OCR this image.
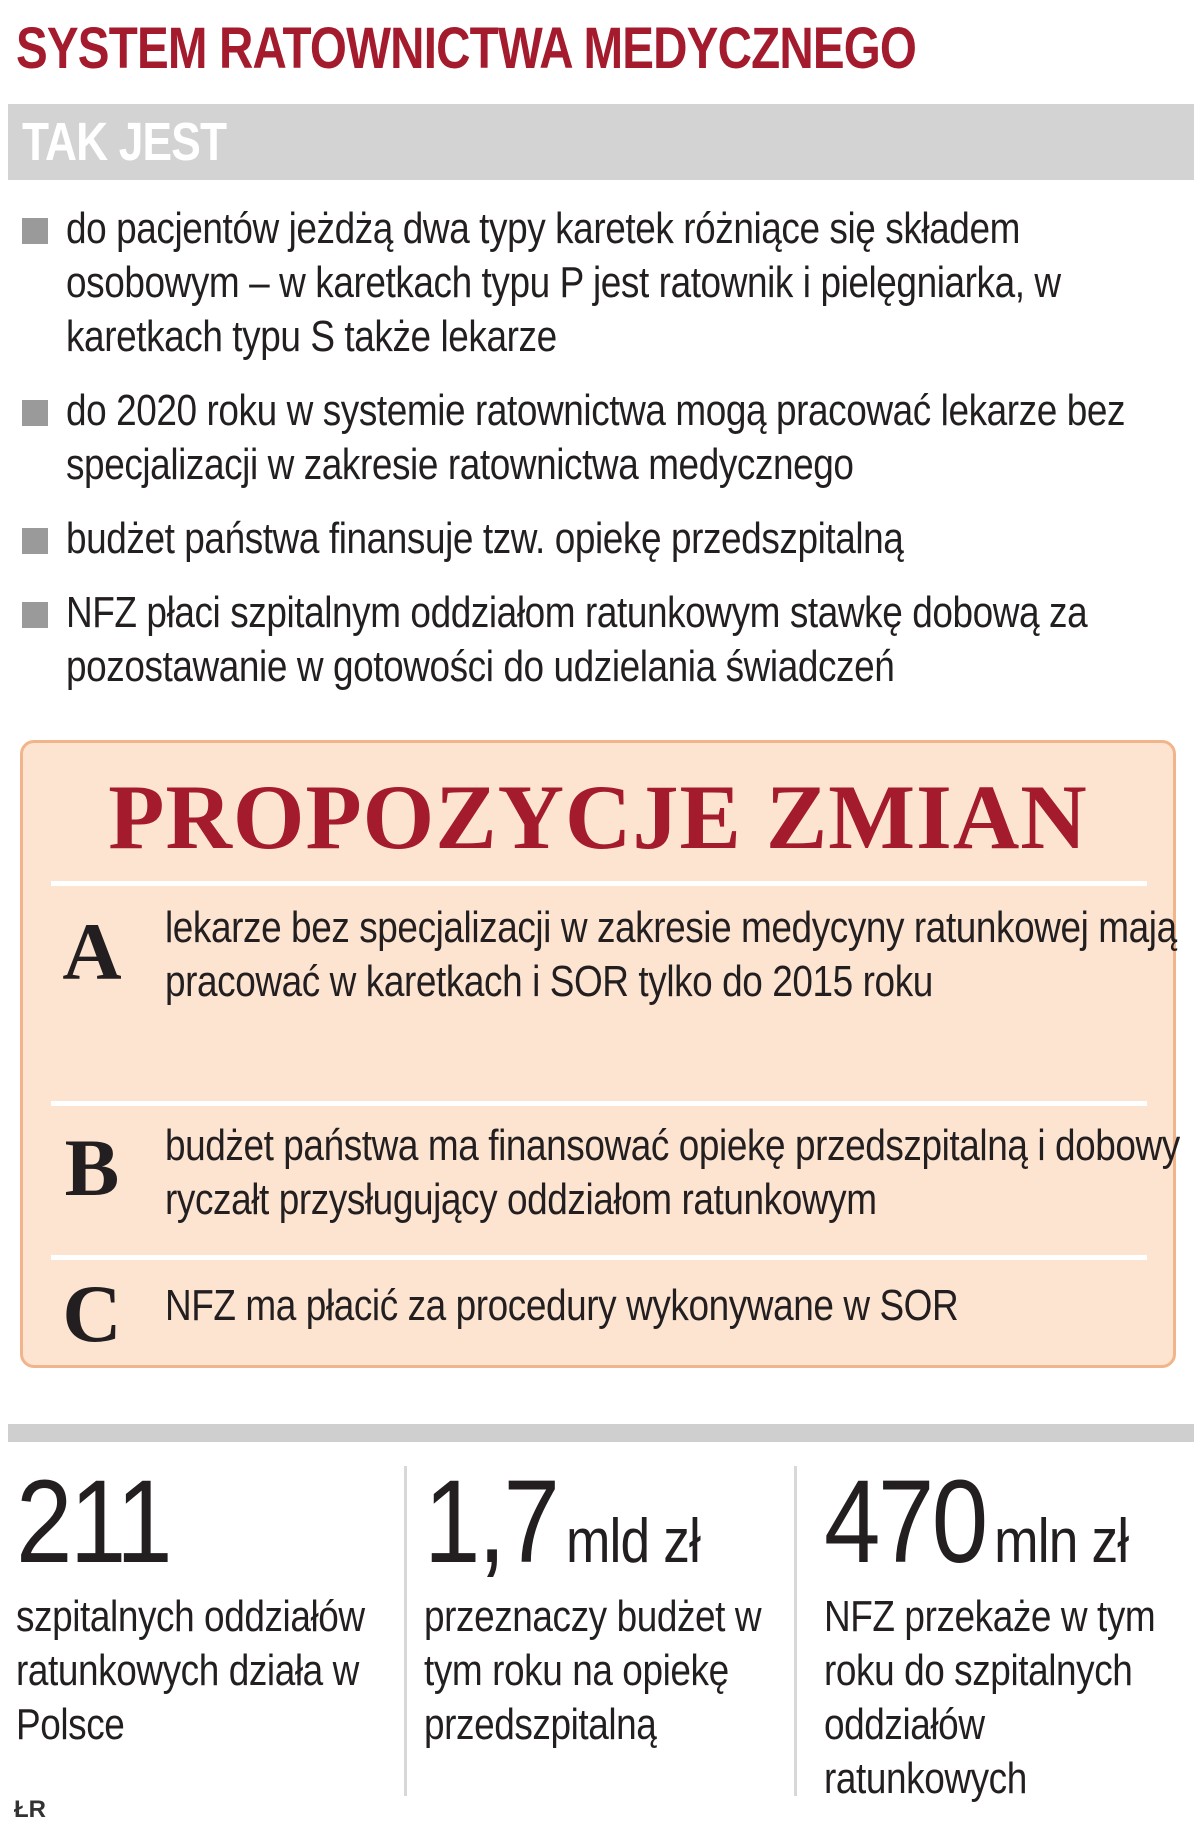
SYSTEM RATOWNICTWA MEDYCZNEGO
TAK JEST
do pacjentów jeżdżą dwa typy karetek różniące się składem osobowym – w karetkach typu P jest ratownik i pielęgniarka, w karetkach typu S także lekarze
do 2020 roku w systemie ratownictwa mogą pracować lekarze bez specjalizacji w zakresie ratownictwa medycznego
budżet państwa finansuje tzw. opiekę przedszpitalną
NFZ płaci szpitalnym oddziałom ratunkowym stawkę dobową za pozostawanie w gotowości do udzielania świadczeń
PROPOZYCJE ZMIAN
A lekarze bez specjalizacji w zakresie medycyny ratunkowej mają pracować w karetkach i SOR tylko do 2015 roku
B	budżet państwa ma finansować opiekę przedszpitalną i dobowy ryczałt przysługujący oddziałom ratunkowym
C NFZ ma płacić za procedury wykonywane w SOR
211
szpitalnych oddziałów ratunkowych działa w Polsce
1,7 mld zł
przeznaczy budżet w tym roku na opiekę przedszpitalną
470 mln zł
NFZ przekaże w tym roku do szpitalnych oddziałów ratunkowych
ŁR
